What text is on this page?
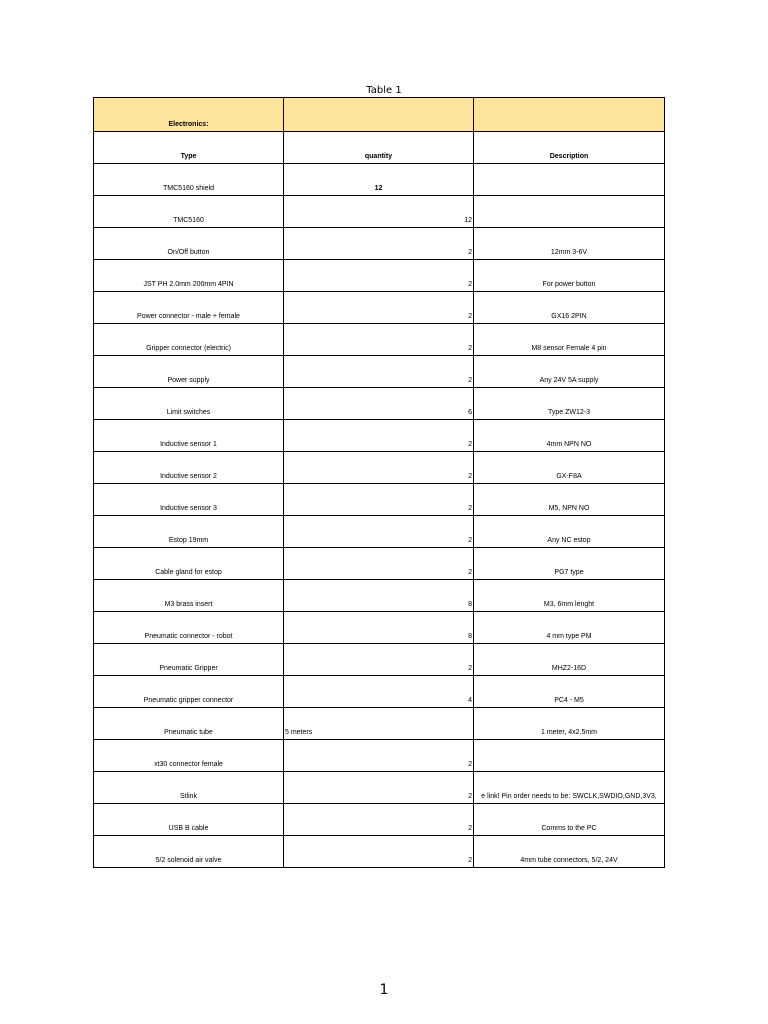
Table 1
Electronics:		
Type	quantity	Description
TMC5160 shield	12	
TMC5160	12	
On/Off button	2	12mm 3-6V
JST PH 2.0mm 200mm 4PIN	2	For power button
Power connector - male + female	2	GX16 2PIN
Gripper connector (electric)	2	M8 sensor Female 4 pin
Power supply	2	Any 24V 5A supply
Limit switches	6	Type ZW12-3
Inductive sensor 1	2	4mm NPN NO
Inductive sensor 2	2	GX-F8A
Inductive sensor 3	2	M5, NPN NO
Estop 19mm	2	Any NC estop
Cable gland for estop	2	PG7 type
M3 brass insert	8	M3, 6mm lenght
Pneumatic connector - robot	8	4 mm type PM
Pneumatic Gripper	2	MHZ2-16D
Pneumatic gripper connector	4	PC4 - M5
Pneumatic tube	5 meters	1 meter, 4x2.5mm
xt30 connector female	2	
Stlink	2	e link! Pin order needs to be: SWCLK,SWDIO,GND,3V3,
USB B cable	2	Comms to the PC
5/2 solenoid air valve	2	4mm tube connectors, 5/2, 24V
1
